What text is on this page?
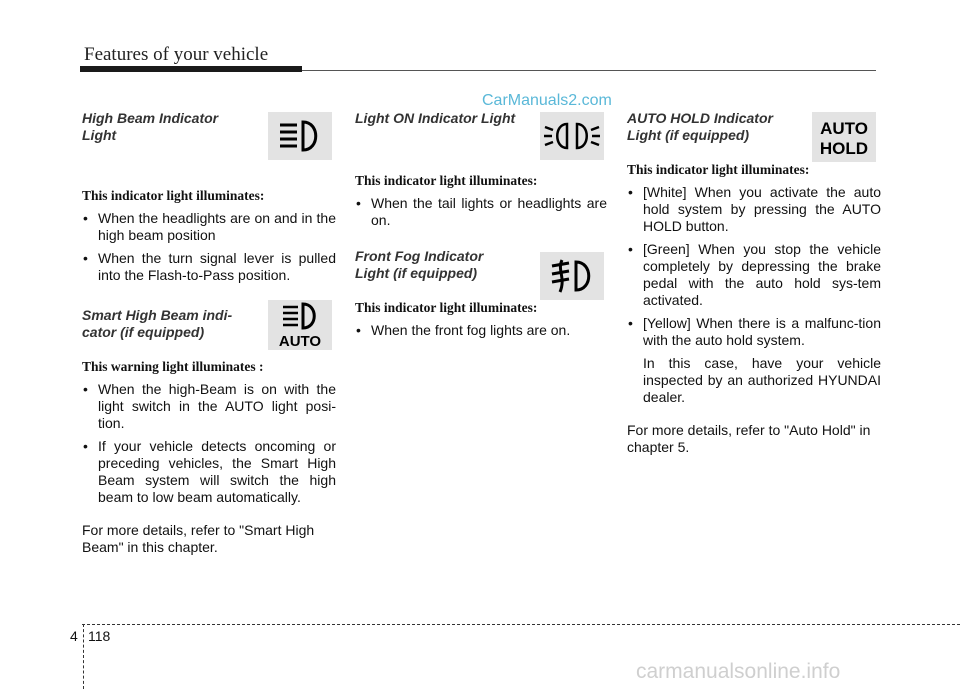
Features of your vehicle
CarManuals2.com
AUTO
AUTO
HOLD

High Beam Indicator
Light

This indicator light illuminates:

• When the headlights are on and in the high beam position
• When the turn signal lever is pulled into the Flash-to-Pass position.

Smart High Beam indi-
cator (if equipped)

This warning light illuminates :

• When the high-Beam is on with the light switch in the AUTO light posi-tion.
• If your vehicle detects oncoming or preceding vehicles, the Smart High Beam system will switch the high beam to low beam automatically.

For more details, refer to "Smart High Beam" in this chapter.

Light ON Indicator Light

This indicator light illuminates:

• When the tail lights or headlights are on.

Front Fog Indicator
Light (if equipped)

This indicator light illuminates:

• When the front fog lights are on.

AUTO HOLD Indicator
Light (if equipped)

This indicator light illuminates:

• [White] When you activate the auto hold system by pressing the AUTO HOLD button.
• [Green] When you stop the vehicle completely by depressing the brake pedal with the auto hold sys-tem activated.
• [Yellow] When there is a malfunc-tion with the auto hold system.

In this case, have your vehicle inspected by an authorized HYUNDAI dealer.

For more details, refer to "Auto Hold" in chapter 5.

4 118
carmanualsonline.info
